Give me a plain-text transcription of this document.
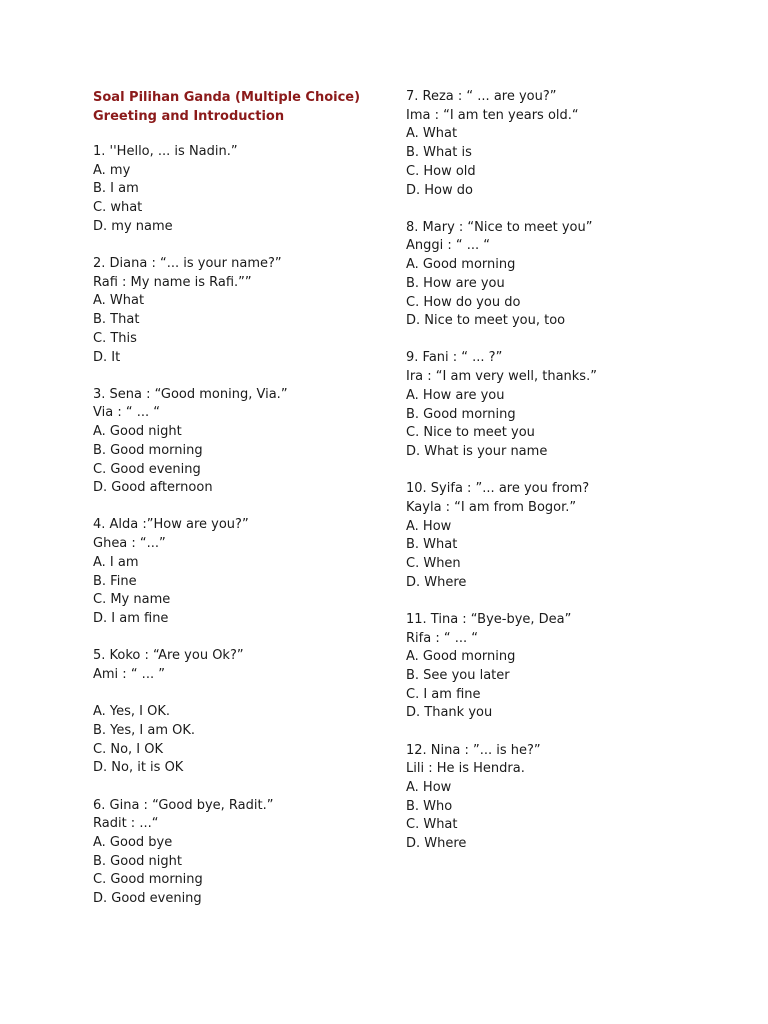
Soal Pilihan Ganda (Multiple Choice)
Greeting and Introduction
1. ''Hello, ... is Nadin.”
A. my
B. I am
C. what
D. my name
2. Diana : “... is your name?”
Rafi : My name is Rafi.””
A. What
B. That
C. This
D. It
3. Sena : “Good moning, Via.”
Via : “ ... “
A. Good night
B. Good morning
C. Good evening
D. Good afternoon
4. Alda :”How are you?”
Ghea : “...”
A. I am
B. Fine
C. My name
D. I am fine
5. Koko : “Are you Ok?”
Ami : “ ... ”
A. Yes, I OK.
B. Yes, I am OK.
C. No, I OK
D. No, it is OK
6. Gina : “Good bye, Radit.”
Radit : ...“
A. Good bye
B. Good night
C. Good morning
D. Good evening
7. Reza : “ ... are you?”
Ima : “I am ten years old.“
A. What
B. What is
C. How old
D. How do
8. Mary : “Nice to meet you”
Anggi : “ ... “
A. Good morning
B. How are you
C. How do you do
D. Nice to meet you, too
9. Fani : “ ... ?”
Ira : “I am very well, thanks.”
A. How are you
B. Good morning
C. Nice to meet you
D. What is your name
10. Syifa : ”... are you from?
Kayla : “I am from Bogor.”
A. How
B. What
C. When
D. Where
11. Tina : “Bye-bye, Dea”
Rifa : “ ... “
A. Good morning
B. See you later
C. I am fine
D. Thank you
12. Nina : ”... is he?”
Lili : He is Hendra.
A. How
B. Who
C. What
D. Where
